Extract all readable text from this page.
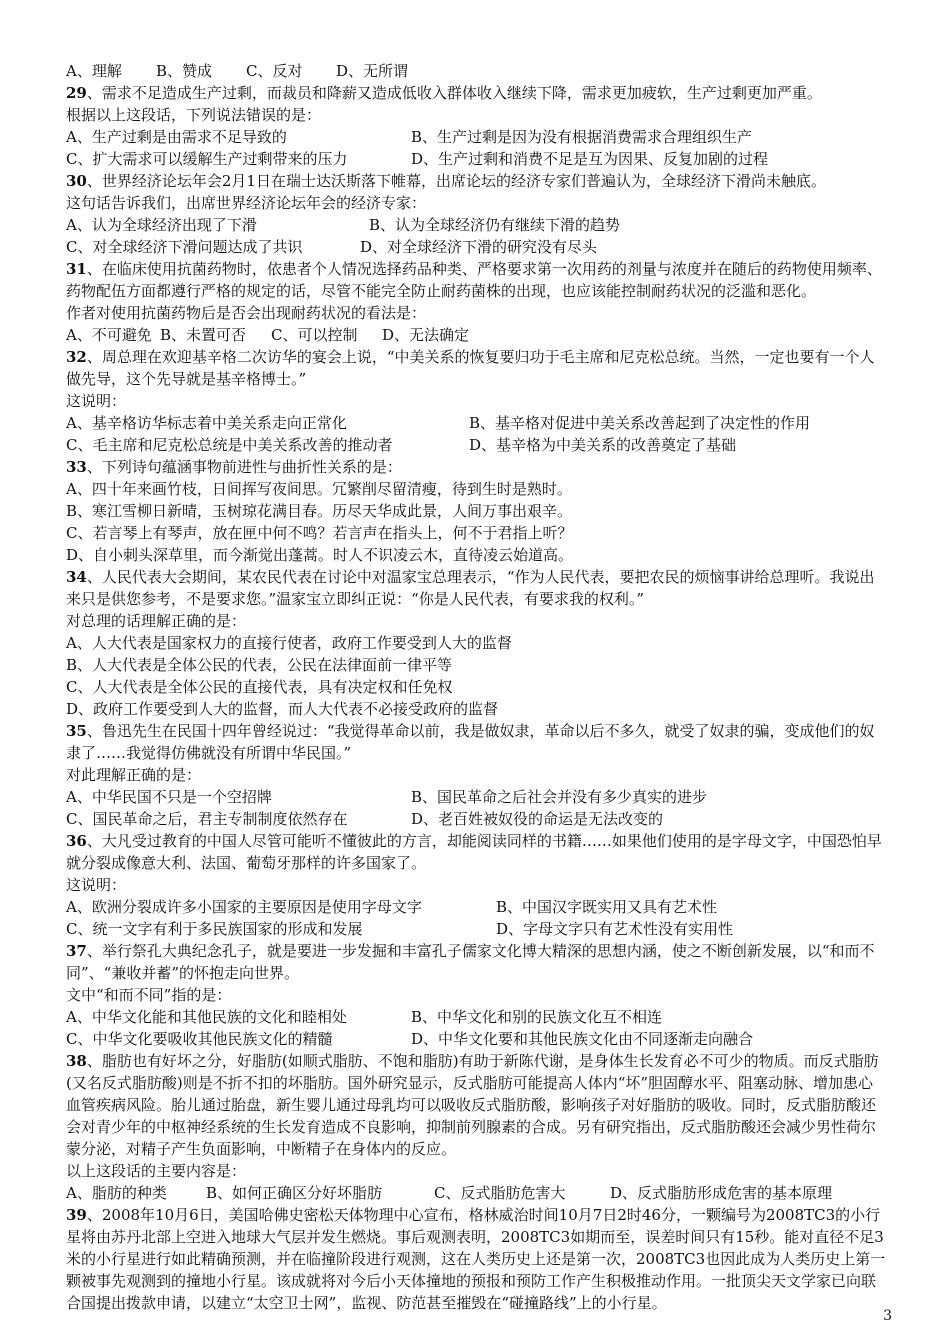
A、理解 B、赞成 C、反对 D、无所谓
29、需求不足造成生产过剩，而裁员和降薪又造成低收入群体收入继续下降，需求更加疲软，生产过剩更加严重。
根据以上这段话，下列说法错误的是：
A、生产过剩是由需求不足导致的	B、生产过剩是因为没有根据消费需求合理组织生产
C、扩大需求可以缓解生产过剩带来的压力	D、生产过剩和消费不足是互为因果、反复加剧的过程
30、世界经济论坛年会2月1日在瑞士达沃斯落下帷幕，出席论坛的经济专家们普遍认为，全球经济下滑尚未触底。
这句话告诉我们，出席世界经济论坛年会的经济专家：
A、认为全球经济出现了下滑	B、认为全球经济仍有继续下滑的趋势
C、对全球经济下滑问题达成了共识	D、对全球经济下滑的研究没有尽头
31、在临床使用抗菌药物时，依患者个人情况选择药品种类、严格要求第一次用药的剂量与浓度并在随后的药物使用频率、药物配伍方面都遵行严格的规定的话，尽管不能完全防止耐药菌株的出现，也应该能控制耐药状况的泛滥和恶化。
作者对使用抗菌药物后是否会出现耐药状况的看法是：
A、不可避免 B、未置可否 C、可以控制 D、无法确定
32、周总理在欢迎基辛格二次访华的宴会上说，“中美关系的恢复要归功于毛主席和尼克松总统。当然，一定也要有一个人做先导，这个先导就是基辛格博士。”
这说明：
A、基辛格访华标志着中美关系走向正常化	B、基辛格对促进中美关系改善起到了决定性的作用
C、毛主席和尼克松总统是中美关系改善的推动者	D、基辛格为中美关系的改善奠定了基础
33、下列诗句蕴涵事物前进性与曲折性关系的是：
A、四十年来画竹枝，日间挥写夜间思。冗繁削尽留清瘦，待到生时是熟时。
B、寒江雪柳日新晴，玉树琼花满目春。历尽天华成此景，人间万事出艰辛。
C、若言琴上有琴声，放在匣中何不鸣？若言声在指头上，何不于君指上听？
D、自小刺头深草里，而今渐觉出蓬蒿。时人不识凌云木，直待凌云始道高。
34、人民代表大会期间，某农民代表在讨论中对温家宝总理表示，“作为人民代表，要把农民的烦恼事讲给总理听。我说出来只是供您参考，不是要求您。”温家宝立即纠正说：“你是人民代表，有要求我的权利。”
对总理的话理解正确的是：
A、人大代表是国家权力的直接行使者，政府工作要受到人大的监督
B、人大代表是全体公民的代表，公民在法律面前一律平等
C、人大代表是全体公民的直接代表，具有决定权和任免权
D、政府工作要受到人大的监督，而人大代表不必接受政府的监督
35、鲁迅先生在民国十四年曾经说过：“我觉得革命以前，我是做奴隶，革命以后不多久，就受了奴隶的骗，变成他们的奴隶了……我觉得仿佛就没有所谓中华民国。”
对此理解正确的是：
A、中华民国不只是一个空招牌	B、国民革命之后社会并没有多少真实的进步
C、国民革命之后，君主专制制度依然存在	D、老百姓被奴役的命运是无法改变的
36、大凡受过教育的中国人尽管可能听不懂彼此的方言，却能阅读同样的书籍……如果他们使用的是字母文字，中国恐怕早就分裂成像意大利、法国、葡萄牙那样的许多国家了。
这说明：
A、欧洲分裂成许多小国家的主要原因是使用字母文字	B、中国汉字既实用又具有艺术性
C、统一文字有利于多民族国家的形成和发展	D、字母文字只有艺术性没有实用性
37、举行祭孔大典纪念孔子，就是要进一步发掘和丰富孔子儒家文化博大精深的思想内涵，使之不断创新发展，以“和而不同”、“兼收并蓄”的怀抱走向世界。
文中“和而不同”指的是：
A、中华文化能和其他民族的文化和睦相处	B、中华文化和别的民族文化互不相连
C、中华文化要吸收其他民族文化的精髓	D、中华文化要和其他民族文化由不同逐渐走向融合
38、脂肪也有好坏之分，好脂肪(如顺式脂肪、不饱和脂肪)有助于新陈代谢，是身体生长发育必不可少的物质。而反式脂肪(又名反式脂肪酸)则是不折不扣的坏脂肪。国外研究显示，反式脂肪可能提高人体内“坏”胆固醇水平、阻塞动脉、增加患心血管疾病风险。胎儿通过胎盘，新生婴儿通过母乳均可以吸收反式脂肪酸，影响孩子对好脂肪的吸收。同时，反式脂肪酸还会对青少年的中枢神经系统的生长发育造成不良影响，抑制前列腺素的合成。另有研究指出，反式脂肪酸还会减少男性荷尔蒙分泌，对精子产生负面影响，中断精子在身体内的反应。
以上这段话的主要内容是：
A、脂肪的种类	B、如何正确区分好坏脂肪	C、反式脂肪危害大	D、反式脂肪形成危害的基本原理
39、2008年10月6日，美国哈佛史密松天体物理中心宣布，格林威治时间10月7日2时46分，一颗编号为2008TC3的小行星将由苏丹北部上空进入地球大气层并发生燃烧。事后观测表明，2008TC3如期而至，误差时间只有15秒。能对直径不足3米的小行星进行如此精确预测，并在临撞阶段进行观测，这在人类历史上还是第一次，2008TC3也因此成为人类历史上第一颗被事先观测到的撞地小行星。该成就将对今后小天体撞地的预报和预防工作产生积极推动作用。一批顶尖天文学家已向联合国提出拨款申请，以建立“太空卫士网”，监视、防范甚至摧毁在“碰撞路线”上的小行星。
3
